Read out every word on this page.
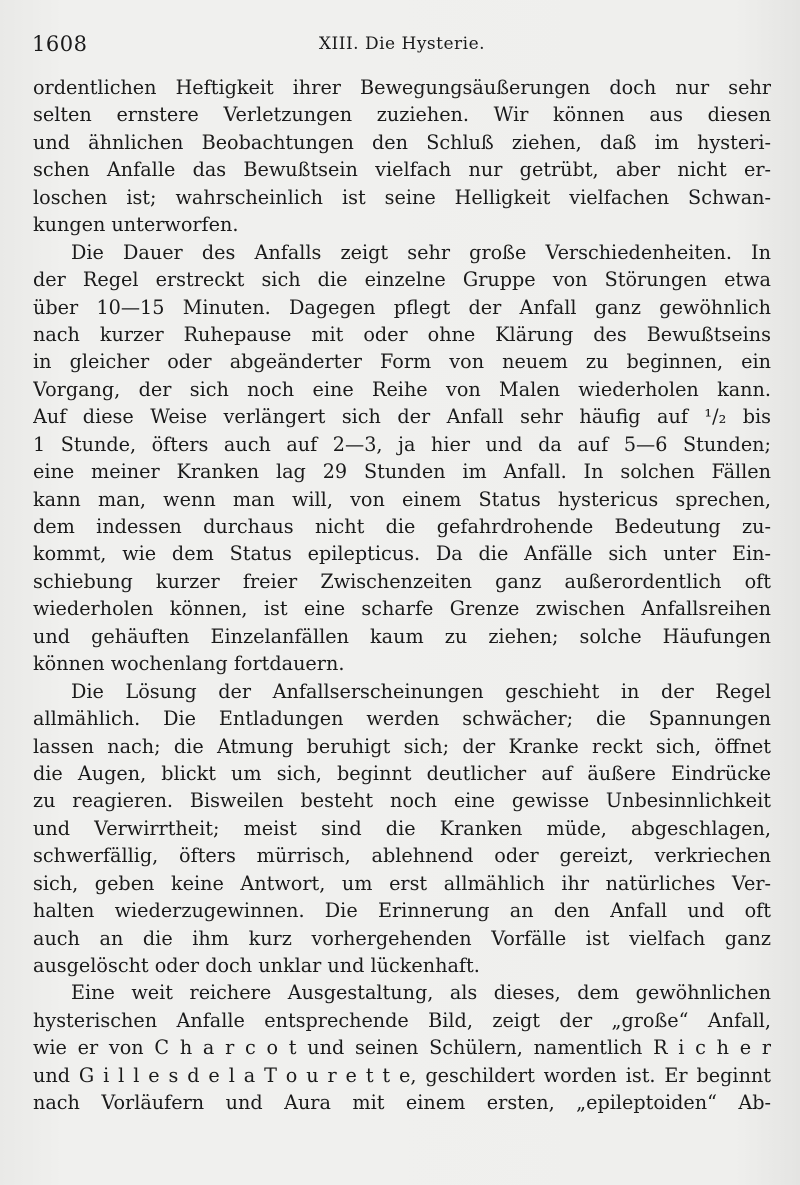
1608	XIII. Die Hysterie.
ordentlichen Heftigkeit ihrer Bewegungsäußerungen doch nur sehr
selten ernstere Verletzungen zuziehen. Wir können aus diesen
und ähnlichen Beobachtungen den Schluß ziehen, daß im hysteri-
schen Anfalle das Bewußtsein vielfach nur getrübt, aber nicht er-
loschen ist; wahrscheinlich ist seine Helligkeit vielfachen Schwan-
kungen unterworfen.
Die Dauer des Anfalls zeigt sehr große Verschiedenheiten. In
der Regel erstreckt sich die einzelne Gruppe von Störungen etwa
über 10—15 Minuten. Dagegen pflegt der Anfall ganz gewöhnlich
nach kurzer Ruhepause mit oder ohne Klärung des Bewußtseins
in gleicher oder abgeänderter Form von neuem zu beginnen, ein
Vorgang, der sich noch eine Reihe von Malen wiederholen kann.
Auf diese Weise verlängert sich der Anfall sehr häufig auf ¹/₂ bis
1 Stunde, öfters auch auf 2—3, ja hier und da auf 5—6 Stunden;
eine meiner Kranken lag 29 Stunden im Anfall. In solchen Fällen
kann man, wenn man will, von einem Status hystericus sprechen,
dem indessen durchaus nicht die gefahrdrohende Bedeutung zu-
kommt, wie dem Status epilepticus. Da die Anfälle sich unter Ein-
schiebung kurzer freier Zwischenzeiten ganz außerordentlich oft
wiederholen können, ist eine scharfe Grenze zwischen Anfallsreihen
und gehäuften Einzelanfällen kaum zu ziehen; solche Häufungen
können wochenlang fortdauern.
Die Lösung der Anfallserscheinungen geschieht in der Regel
allmählich. Die Entladungen werden schwächer; die Spannungen
lassen nach; die Atmung beruhigt sich; der Kranke reckt sich, öffnet
die Augen, blickt um sich, beginnt deutlicher auf äußere Eindrücke
zu reagieren. Bisweilen besteht noch eine gewisse Unbesinnlichkeit
und Verwirrtheit; meist sind die Kranken müde, abgeschlagen,
schwerfällig, öfters mürrisch, ablehnend oder gereizt, verkriechen
sich, geben keine Antwort, um erst allmählich ihr natürliches Ver-
halten wiederzugewinnen. Die Erinnerung an den Anfall und oft
auch an die ihm kurz vorhergehenden Vorfälle ist vielfach ganz
ausgelöscht oder doch unklar und lückenhaft.
Eine weit reichere Ausgestaltung, als dieses, dem gewöhnlichen
hysterischen Anfalle entsprechende Bild, zeigt der „große“ Anfall,
wie er von C h a r c o t und seinen Schülern, namentlich R i c h e r
und G i l l e s d e l a T o u r e t t e, geschildert worden ist. Er beginnt
nach Vorläufern und Aura mit einem ersten, „epileptoiden“ Ab-
